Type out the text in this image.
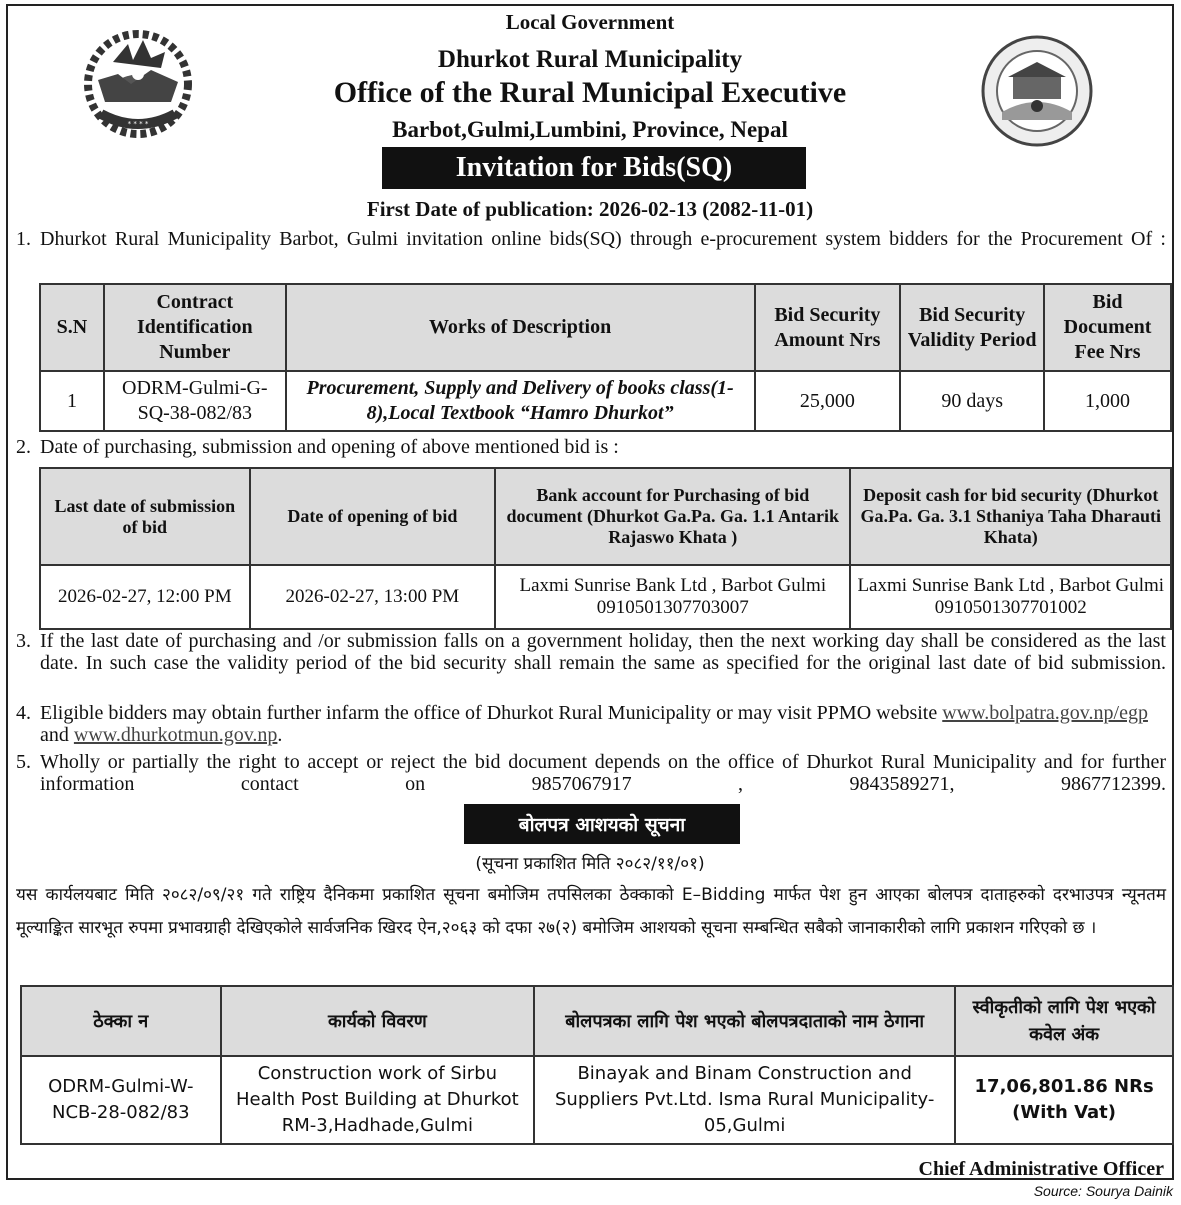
* * * *
Local Government
Dhurkot Rural Municipality
Office of the Rural Municipal Executive
Barbot,Gulmi,Lumbini, Province, Nepal
Invitation for Bids(SQ)
First Date of publication: 2026-02-13 (2082-11-01)
1. Dhurkot Rural Municipality Barbot, Gulmi invitation online bids(SQ) through e-procurement system bidders for the Procurement Of :
S.N	Contract Identification Number	Works of Description	Bid Security Amount Nrs	Bid Security Validity Period	Bid Document Fee Nrs
1	ODRM-Gulmi-G-SQ-38-082/83	Procurement, Supply and Delivery of books class(1-8),Local Textbook “Hamro Dhurkot”	25,000	90 days	1,000
2. Date of purchasing, submission and opening of above mentioned bid is :
Last date of submission of bid	Date of opening of bid	Bank account for Purchasing of bid document (Dhurkot Ga.Pa. Ga. 1.1 Antarik Rajaswo Khata )	Deposit cash for bid security (Dhurkot Ga.Pa. Ga. 3.1 Sthaniya Taha Dharauti Khata)
2026-02-27, 12:00 PM	2026-02-27, 13:00 PM	Laxmi Sunrise Bank Ltd , Barbot Gulmi 0910501307703007	Laxmi Sunrise Bank Ltd , Barbot Gulmi 0910501307701002
3. If the last date of purchasing and /or submission falls on a government holiday, then the next working day shall be considered as the last date. In such case the validity period of the bid security shall remain the same as specified for the original last date of bid submission.
4. Eligible bidders may obtain further infarm the office of Dhurkot Rural Municipality or may visit PPMO website www.bolpatra.gov.np/egp and www.dhurkotmun.gov.np.
5. Wholly or partially the right to accept or reject the bid document depends on the office of Dhurkot Rural Municipality and for further information contact on 9857067917 , 9843589271, 9867712399.
बोलपत्र आशयको सूचना
(सूचना प्रकाशित मिति २०८२/११/०१)
यस कार्यलयबाट मिति २०८२/०९/२१ गते राष्ट्रिय दैनिकमा प्रकाशित सूचना बमोजिम तपसिलका ठेक्काको E–Bidding मार्फत पेश हुन आएका बोलपत्र दाताहरुको दरभाउपत्र न्यूनतम मूल्याङ्कित सारभूत रुपमा प्रभावग्राही देखिएकोले सार्वजनिक खिरद ऐन,२०६३ को दफा २७(२) बमोजिम आशयको सूचना सम्बन्धित सबैको जानाकारीको लागि प्रकाशन गरिएको छ ।
ठेक्का न	कार्यको विवरण	बोलपत्रका लागि पेश भएको बोलपत्रदाताको नाम ठेगाना	स्वीकृतीको लागि पेश भएको कवेल अंक
ODRM-Gulmi-W-NCB-28-082/83	Construction work of Sirbu Health Post Building at Dhurkot RM-3,Hadhade,Gulmi	Binayak and Binam Construction and Suppliers Pvt.Ltd. Isma Rural Municipality-05,Gulmi	17,06,801.86 NRs
(With Vat)
Chief Administrative Officer
Source: Sourya Dainik
